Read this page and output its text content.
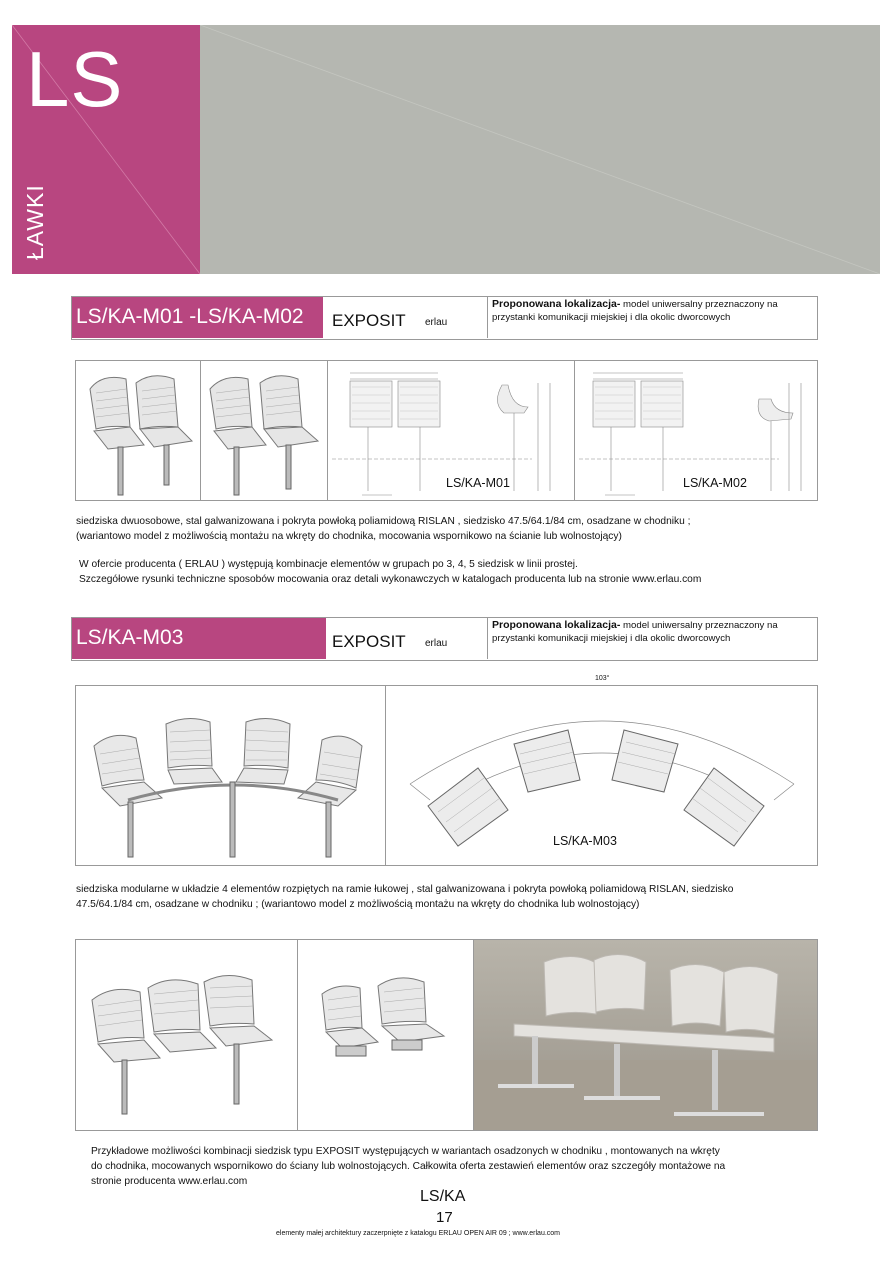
LS
ŁAWKI
LS/KA-M01 -LS/KA-M02	EXPOSIT erlau
Proponowana lokalizacja- model uniwersalny przeznaczony na przystanki komunikacji miejskiej i dla okolic dworcowych
LS/KA-M01	LS/KA-M02
siedziska dwuosobowe, stal galwanizowana i pokryta powłoką poliamidową RISLAN , siedzisko 47.5/64.1/84 cm, osadzane w chodniku ;
(wariantowo model z możliwością montażu na wkręty do chodnika, mocowania wspornikowo na ścianie lub wolnostojący)
W ofercie producenta ( ERLAU ) występują kombinacje elementów w grupach po 3, 4, 5 siedzisk w linii prostej.
Szczegółowe rysunki techniczne sposobów mocowania oraz detali wykonawczych w katalogach producenta lub na stronie www.erlau.com
LS/KA-M03	EXPOSIT erlau
Proponowana lokalizacja- model uniwersalny przeznaczony na przystanki komunikacji miejskiej i dla okolic dworcowych
103°
LS/KA-M03
siedziska modularne w układzie 4 elementów rozpiętych na ramie łukowej , stal galwanizowana i pokryta powłoką poliamidową RISLAN, siedzisko
47.5/64.1/84 cm, osadzane w chodniku ; (wariantowo model z możliwością montażu na wkręty do chodnika lub wolnostojący)
Przykładowe możliwości kombinacji siedzisk typu EXPOSIT występujących w wariantach osadzonych w chodniku , montowanych na wkręty
do chodnika, mocowanych wspornikowo do ściany lub wolnostojących. Całkowita oferta zestawień elementów oraz szczegóły montażowe na
stronie producenta www.erlau.com
LS/KA
17
elementy małej architektury zaczerpnięte z katalogu ERLAU OPEN AIR 09 ; www.erlau.com
